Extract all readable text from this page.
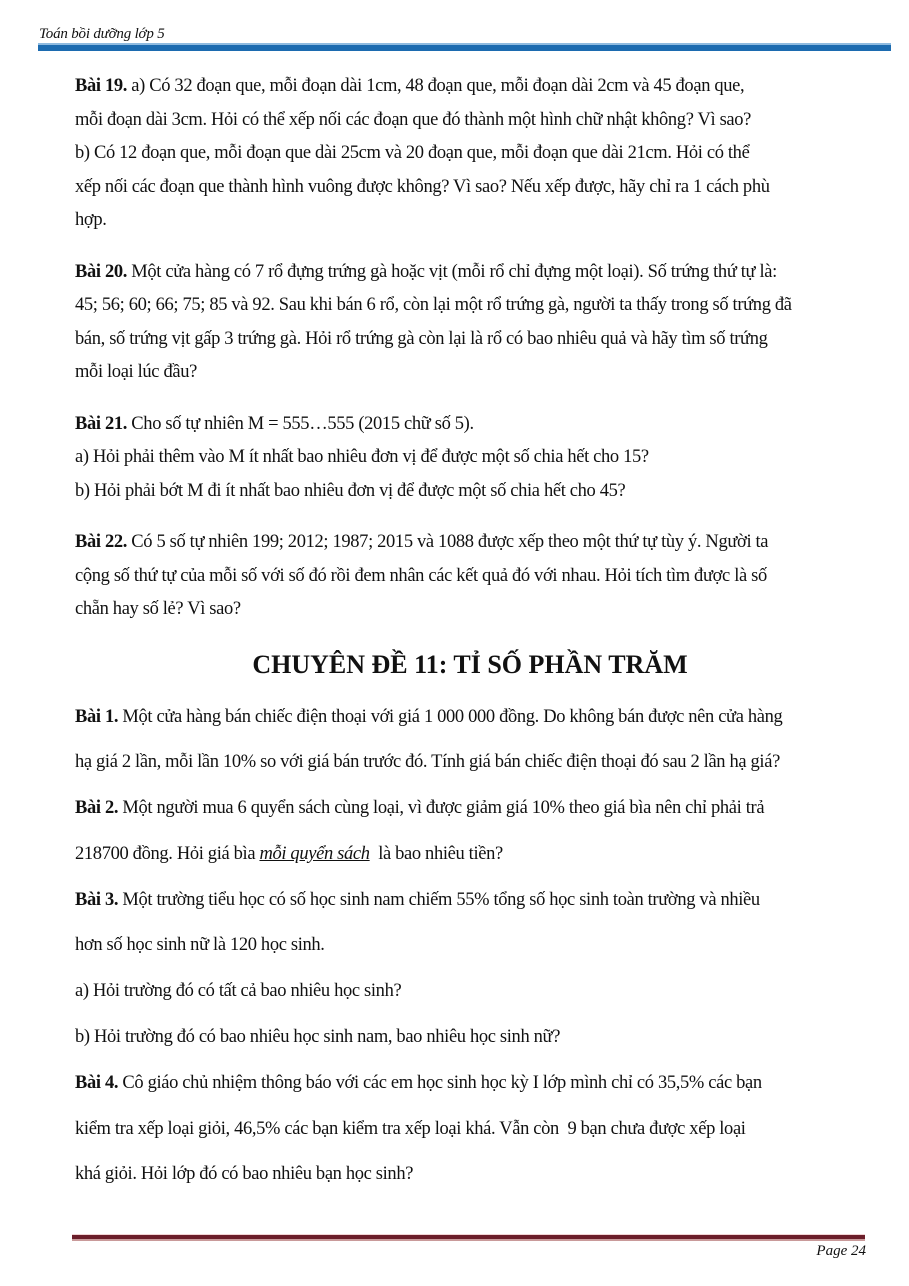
Toán bồi dưỡng lớp 5
Bài 19. a) Có 32 đoạn que, mỗi đoạn dài 1cm, 48 đoạn que, mỗi đoạn dài 2cm và 45 đoạn que,
mỗi đoạn dài 3cm. Hỏi có thể xếp nối các đoạn que đó thành một hình chữ nhật không? Vì sao?
b) Có 12 đoạn que, mỗi đoạn que dài 25cm và 20 đoạn que, mỗi đoạn que dài 21cm. Hỏi có thể
xếp nối các đoạn que thành hình vuông được không? Vì sao? Nếu xếp được, hãy chỉ ra 1 cách phù
hợp.
Bài 20. Một cửa hàng có 7 rổ đựng trứng gà hoặc vịt (mỗi rổ chỉ đựng một loại). Số trứng thứ tự là:
45; 56; 60; 66; 75; 85 và 92. Sau khi bán 6 rổ, còn lại một rổ trứng gà, người ta thấy trong số trứng đã
bán, số trứng vịt gấp 3 trứng gà. Hỏi rổ trứng gà còn lại là rổ có bao nhiêu quả và hãy tìm số trứng
mỗi loại lúc đầu?
Bài 21. Cho số tự nhiên M = 555…555 (2015 chữ số 5).
a) Hỏi phải thêm vào M ít nhất bao nhiêu đơn vị để được một số chia hết cho 15?
b) Hỏi phải bớt M đi ít nhất bao nhiêu đơn vị để được một số chia hết cho 45?
Bài 22. Có 5 số tự nhiên 199; 2012; 1987; 2015 và 1088 được xếp theo một thứ tự tùy ý. Người ta
cộng số thứ tự của mỗi số với số đó rồi đem nhân các kết quả đó với nhau. Hỏi tích tìm được là số
chẵn hay số lẻ? Vì sao?
CHUYÊN ĐỀ 11: TỈ SỐ PHẦN TRĂM
Bài 1. Một cửa hàng bán chiếc điện thoại với giá 1 000 000 đồng. Do không bán được nên cửa hàng
hạ giá 2 lần, mỗi lần 10% so với giá bán trước đó. Tính giá bán chiếc điện thoại đó sau 2 lần hạ giá?
Bài 2. Một người mua 6 quyển sách cùng loại, vì được giảm giá 10% theo giá bìa nên chỉ phải trả
218700 đồng. Hỏi giá bìa mỗi quyển sách  là bao nhiêu tiền?
Bài 3. Một trường tiểu học có số học sinh nam chiếm 55% tổng số học sinh toàn trường và nhiều
hơn số học sinh nữ là 120 học sinh.
a) Hỏi trường đó có tất cả bao nhiêu học sinh?
b) Hỏi trường đó có bao nhiêu học sinh nam, bao nhiêu học sinh nữ?
Bài 4. Cô giáo chủ nhiệm thông báo với các em học sinh học kỳ I lớp mình chỉ có 35,5% các bạn
kiểm tra xếp loại giỏi, 46,5% các bạn kiểm tra xếp loại khá. Vẫn còn  9 bạn chưa được xếp loại
khá giỏi. Hỏi lớp đó có bao nhiêu bạn học sinh?
Page 24
